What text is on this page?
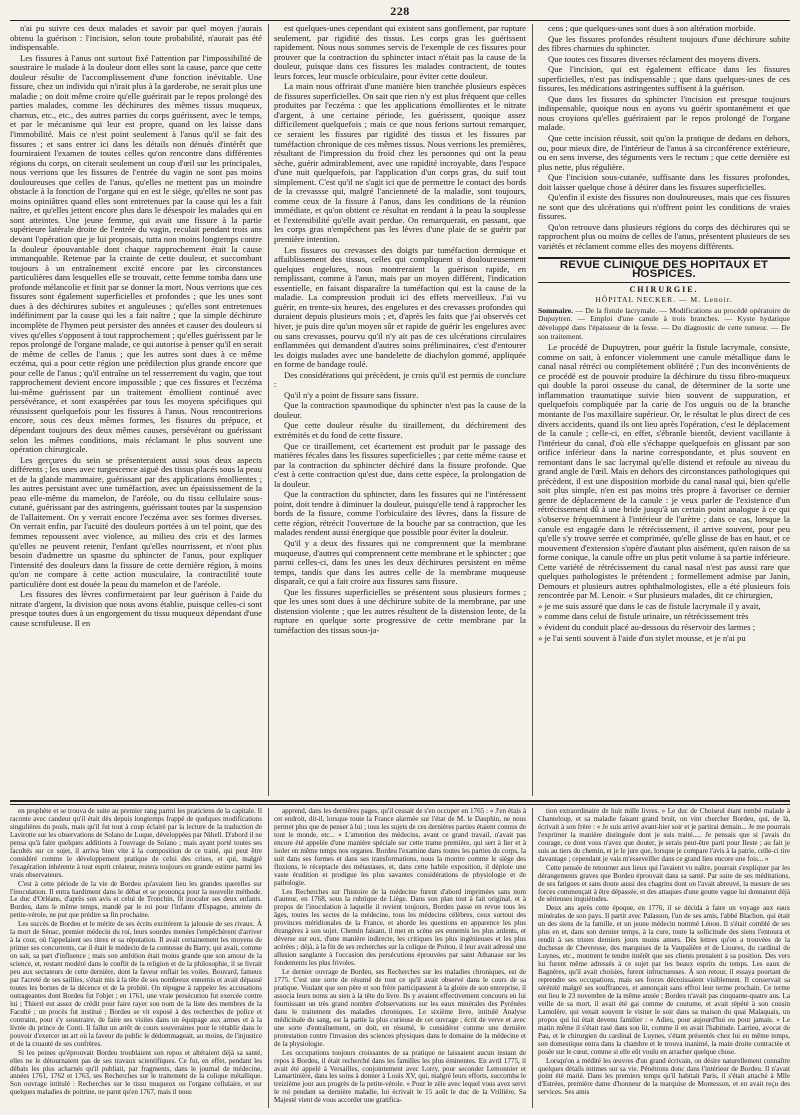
228

n'ai pu suivre ces deux malades et savoir par quel moyen j'aurais obtenu la guérison : l'incision, selon toute probabilité, n'aurait pas été indispensable.

Les fissures à l'anus ont surtout fixé l'attention par l'impossibilité de soustraire le malade à la douleur dont elles sont la cause, parce que cette douleur résulte de l'accomplissement d'une fonction inévitable. Une fissure, chez un individu qui n'irait plus à la garderobe, ne serait plus une maladie ; on doit même croire qu'elle guérirait par le repos prolongé des parties malades, comme les déchirures des mêmes tissus muqueux, charnus, etc., etc., des autres parties du corps guérissent, avec le temps, et par le mécanisme qui leur est propre, quand on les laisse dans l'immobilité. Mais ce n'est point seulement à l'anus qu'il se fait des fissures ; et sans entrer ici dans les détails non dénués d'intérêt que fourniraient l'examen de toutes celles qu'on rencontre dans différentes régions du corps, on citerait seulement un coup d'œil sur les principales, nous verrions que les fissures de l'entrée du vagin ne sont pas moins douloureuses que celles de l'anus, qu'elles ne mettent pas un moindre obstacle à la fonction de l'organe qui en est le siège, qu'elles ne sont pas moins opiniâtres quand elles sont entretenues par la cause qui les a fait naître, et qu'elles jettent encore plus dans le désespoir les malades qui en sont atteintes. Une jeune femme, qui avait une fissure à la partie supérieure latérale droite de l'entrée du vagin, reculait pendant trois ans devant l'opération que je lui proposais, tutta non moins longtemps contre la douleur épouvantable dont chaque rapprochement était la cause immanquable. Retenue par la crainte de cette douleur, et succombant toujours à un entraînement excité encore par les circonstances particulières dans lesquelles elle se trouvait, cette femme tomba dans une profonde mélancolie et finit par se donner la mort. Nous verrions que ces fissures sont également superficielles et profondes ; que les unes sont dues à des déchirures subites et anguleuses ; qu'elles sont entretenues indéfiniment par la cause qui les a fait naître ; que la simple déchirure incomplète de l'hymen peut persister des années et causer des douleurs si vives qu'elles s'opposent à tout rapprochement ; qu'elles guérissent par le repos prolongé de l'organe malade, ce qui autorise à penser qu'il en serait de même de celles de l'anus ; que les autres sont dues à ce même eczéma, qui a pour cette région une prédilection plus grande encore que pour celle de l'anus ; qu'il entraîne un tel resserrement du vagin, que tout rapprochement devient encore impossible ; que ces fissures et l'eczéma lui-même guérissent par un traitement émollient continué avec persévérance, et sont exaspérées par tous les moyens spécifiques qui réussissent quelquefois pour les fissures à l'anus. Nous rencontrerions encore, sous ces deux mêmes formes, les fissures du prépuce, et dépendant toujours des deux mêmes causes, persévérant ou guérissant selon les mêmes conditions, mais réclamant le plus souvent une opération chirurgicale.

Les gerçures du sein se présenteraient aussi sous deux aspects différents ; les unes avec turgescence aiguë des tissus placés sous la peau et de la glande mammaire, guérissant par des applications émollientes ; les autres persistant avec une tuméfaction, avec un épaississement de la peau elle-même du mamelon, de l'aréole, ou du tissu cellulaire sous-cutané, guérissant par des astringents, guérissant toutes par la suspension de l'allaitement. On y verrait encore l'eczéma avec ses formes diverses. On verrait enfin, par l'acuité des douleurs portées à un tel point, que des femmes repoussent avec violence, au milieu des cris et des larmes qu'elles ne peuvent retenir, l'enfant qu'elles nourrissent, et n'ont plus besoin d'admettre un spasme du sphincter de l'anus, pour expliquer l'intensité des douleurs dans la fissure de cette dernière région, à moins qu'on ne compare à cette action musculaire, la contractilité toute particulière dont est douée la peau du mamelon et de l'aréole.

Les fissures des lèvres confirmeraient par leur guérison à l'aide du nitrate d'argent, la division que nous avons établie, puisque celles-ci sont presque toutes dues à un engorgement du tissu muqueux dépendant d'une cause scrofuleuse. Il en

est quelques-unes cependant qui existent sans gonflement, par rupture seulement, par rigidité des tissus. Les corps gras les guérissent rapidement. Nous nous sommes servis de l'exemple de ces fissures pour prouver que la contraction du sphincter intact n'était pas la cause de la douleur, puisque dans ces fissures les malades contractent, de toutes leurs forces, leur muscle orbiculaire, pour éviter cette douleur.

La main nous offrirait d'une manière bien tranchée plusieurs espèces de fissures superficielles. On sait que rien n'y est plus fréquent que celles produites par l'eczéma : que les applications émollientes et le nitrate d'argent, à une certaine période, les guérissent, quoique assez difficilement quelquefois ; mais ce que nous ferions surtout remarquer, ce seraient les fissures par rigidité des tissus et les fissures par tuméfaction chronique de ces mêmes tissus. Nous verrions les premières, résultant de l'impression du froid chez les personnes qui ont la peau sèche, guérir admirablement, avec une rapidité incroyable, dans l'espace d'une nuit quelquefois, par l'application d'un corps gras, du suif tout simplement. C'est qu'il ne s'agit ici que de permettre le contact des bords de la crevassse qui, malgré l'ancienneté de la maladie, sont toujours, comme ceux de la fissure à l'anus, dans les conditions de la réunion immédiate, et qu'on obtient ce résultat en rendant à la peau la souplesse et l'extensibilité qu'elle avait perdue. On remarquerait, en passant, que les corps gras n'empêchent pas les lèvres d'une plaie de se guérir par première intention.

Les fissures ou crevasses des doigts par tuméfaction dermique et affaiblissement des tissus, celles qui compliquent si douloureusement quelques engelures, nous montreraient la guérison rapide, en remplissant, comme à l'anus, mais par un moyen différent, l'indication essentielle, en faisant disparaître la tuméfaction qui est la cause de la maladie. La compression produit ici des effets merveilleux. J'ai vu guérir, en trente-six heures, des engelures et des crevasses profondes qui duraient depuis plusieurs mois ; et, d'après les faits que j'ai observés cet hiver, je puis dire qu'un moyen sûr et rapide de guérir les engelures avec ou sans crevasses, pourvu qu'il n'y ait pas de ces ulcérations circulaires enflammées qui demandent d'autres soins préliminaires, c'est d'entourer les doigts malades avec une bandelette de diachylon gommé, appliquée en forme de bandage roulé.

Des considérations qui précèdent, je crois qu'il est permis de conclure :

Qu'il n'y a point de fissure sans fissure.

Que la contraction spasmodique du sphincter n'est pas la cause de la douleur.

Que cette douleur résulte du tiraillement, du déchirement des extrémités et du fond de cette fissure.

Que ce tiraillement, cet écartement est produit par le passage des matières fécales dans les fissures superficielles ; par cette même cause et par la contraction du sphincter déchiré dans la fissure profonde. Que c'est à cette contraction qu'est due, dans cette espèce, la prolongation de la douleur.

Que la contraction du sphincter, dans les fissures qui ne l'intéressent point, doit tendre à diminuer la douleur, puisqu'elle tend à rapprocher les bords de la fissure, comme l'orbiculaire des lèvres, dans la fissure de cette région, rétrécit l'ouverture de la bouche par sa contraction, que les malades rendent aussi énergique que possible pour éviter la douleur.

Qu'il y a deux des fissures qui ne comprennent que la membrane muqueuse, d'autres qui comprennent cette membrane et le sphincter ; que parmi celles-ci, dans les unes les deux déchirures persistent en même temps, tandis que dans les autres celle de la membrane muqueuse disparaît, ce qui a fait croire aux fissures sans fissure.

Que les fissures superficielles se présentent sous plusieurs formes ; que les unes sont dues à une déchirure subite de la membrane, par une distension violente ; que les autres résultent de la distension lente, de la rupture en quelque sorte progressive de cette membrane par la tuméfaction des tissus sous-ja-

cens ; que quelques-unes sont dues à son altération morbide.

Que les fissures profondes résultent toujours d'une déchirure subite des fibres charnues du sphincter.

Que toutes ces fissures diverses réclament des moyens divers.

Que l'incision, qui est également efficace dans les fissures superficielles, n'est pas indispensable ; que dans quelques-unes de ces fissures, les médications astringentes suffisent à la guérison.

Que dans les fissures du sphincter l'incision est presque toujours indispensable, quoique nous en ayons vu guérir spontanément et que nous croyions qu'elles guériraient par le repos prolongé de l'organe malade.

Que cette incision réussit, soit qu'on la pratique de dedans en dehors, ou, pour mieux dire, de l'intérieur de l'anus à sa circonférence extérieure, ou en sens inverse, des téguments vers le rectum ; que cette dernière est plus nette, plus régulière.

Que l'incision sous-cutanée, suffisante dans les fissures profondes, doit laisser quelque chose à désirer dans les fissures superficielles.

Qu'enfin il existe des fissures non douloureuses, mais que ces fissures ne sont que des ulcérations qui n'offrent point les conditions de vraies fissures.

Qu'on retrouve dans plusieurs régions du corps des déchirures qui se rapprochent plus ou moins de celles de l'anus, présentent plusieurs de ses variétés et réclament comme elles des moyens différents.

REVUE CLINIQUE DES HOPITAUX ET HOSPICES.
CHIRURGIE.
HÔPITAL NECKER. — M. Lenoir.

Sommaire. — De la fistule lacrymale. — Modifications au procédé opératoire de Dupuytren. — Emploi d'une canule à trois branches. — Kyste hydatique développé dans l'épaisseur de la fesse. — Du diagnostic de cette tumeur. — De son traitement.

Le procédé de Dupuytren, pour guérir la fistule lacrymale, consiste, comme on sait, à enfoncer violemment une canule métallique dans le canal nasal rétréci ou complètement oblitéré ; l'un des inconvénients de ce procédé est de pouvoir produire la déchirure du tissu fibro-muqueux qui double la paroi osseuse du canal, de déterminer de la sorte une inflammation traumatique suivie bien souvent de suppuration, et quelquefois compliquée par la carie de l'os unguis ou de la branche montante de l'os maxillaire supérieur. Or, le résultat le plus direct de ces divers accidents, quand ils ont lieu après l'opération, c'est le déplacement de la canule ; celle-ci, en effet, s'ébranle bientôt, devient vacillante à l'intérieur du canal, d'où elle s'échappe quelquefois en glissant par son orifice inférieur dans la narine correspondante, et plus souvent en remontant dans le sac lacrymal qu'elle distend et refoule au niveau du grand angle de l'œil. Mais en dehors des circonstances pathologiques qui précèdent, il est une disposition morbide du canal nasal qui, bien qu'elle soit plus simple, n'en est pas moins très propre à favoriser ce dernier genre de déplacement de la canule : je veux parler de l'existence d'un rétrécissement dû à une bride jusqu'à un certain point analogue à ce qui s'observe fréquemment à l'intérieur de l'urètre ; dans ce cas, lorsque la canule est engagée dans le rétrécissement, il arrive souvent, pour peu qu'elle s'y trouve serrée et comprimée, qu'elle glisse de bas en haut, et ce mouvement d'extension s'opère d'autant plus aisément, qu'en raison de sa forme conique, la canule offre un plus petit volume à sa partie inférieure. Cette variété de rétrécissement du canal nasal n'est pas aussi rare que quelques pathologistes le prétendent ; formellement admise par Janin, Demours et plusieurs autres ophthalmologistes, elle a été plusieurs fois rencontrée par M. Lenoir. « Sur plusieurs malades, dit ce chirurgien,

» je me suis assuré que dans le cas de fistule lacrymale il y avait,

» comme dans celui de fistule urinaire, un rétrécissement très

» évident du conduit placé au-dessous du réservoir des larmes ;

» je l'ai senti souvent à l'aide d'un stylet mousse, et je n'ai pu

en prophète et se trouva de suite au premier rang parmi les praticiens de la capitale. Il raconte avec candeur qu'il était dès depuis longtemps frappé de quelques modifications singulières du pouls, mais qu'il fut tout à coup éclairé par la lecture de la traduction de Lavirotte sur les observations de Solano de Luque, développées par Nihell. D'abord il ne pensa qu'à faire quelques additions à l'ouvrage de Solano ; mais ayant porté toutes ses facultés sur ce sujet, il arriva bien vite à la composition de ce traité, qui peut être considéré comme le développement pratique de celui des crises, et qui, malgré l'exagération inhérente à tout esprit créateur, restera toujours en grande estime parmi les vrais observateurs.

C'est à cette période de la vie de Bordeu qu'avaient lieu les grandes querelles sur l'inoculation. Il entra hardiment dans le débat et se prononça pour la nouvelle méthode. Le duc d'Orléans, d'après son avis et celui de Tronchin, fit inoculer ses deux enfants. Bordeu, dans le même temps, mandé par le roi pour l'infante d'Espagne, atteinte de petite-vérole, ne put que prédire sa fin prochaine.

Les succès de Bordeu et le mérite de ses écrits excitèrent la jalousie de ses rivaux. À la mort de Sénac, premier médecin du roi, leurs sourdes menées l'empêchèrent d'arriver à la cour, où l'appelaient ses titres et sa réputation. Il avait certainement les moyens de primer ses concurrents, car il était le médecin de la comtesse du Barry, qui avait, comme on sait, sa part d'influence ; mais son ambition était moins grande que son amour de la science, et, restant modéré dans le conflit de la religion et de la philosophie, il se livrait peu aux sectateurs de cette dernière, dont la faveur enflait les voiles. Bouvard, fameux par l'acreté de ses saillies, s'était mis à la tête de ses nombreux ennemis et avait dépassé toutes les bornes de la décence et de la probité. On répugne à rappeler les accusations outrageantes dont Bordeu fut l'objet ; en 1761, une vraie persécution fut exercée contre lui ; Thierri eut assez de crédit pour faire rayer son nom de la liste des membres de la Faculté ; un procès fut institué ; Bordeu se vit exposé à des recherches de police et contraint, pour s'y soustraire, de faire ses visites dans un équipage aux armes et à la livrée du prince de Conti. Il fallut un arrêt de cours souveraines pour le rétablir dans le pouvoir d'exercer un art où la faveur du public le dédommageait, au moins, de l'injustice et de la cruauté de ses confrères.

Si les peines qu'éprouvait Bordeu troublaient son repos et altéraient déjà sa santé, elles ne le détournaient pas de ses travaux scientifiques. Ce fut, en effet, pendant les débats les plus acharnés qu'il publiait, par fragments, dans le journal de médecine, années 1761, 1762 et 1763, ses Recherches sur le traitement de la colique métallique. Son ouvrage intitulé : Recherches sur le tissu muqueux ou l'organe cellulaire, et sur quelques maladies de poitrine, ne parut qu'en 1767, mais il nous

apprend, dans les dernières pages, qu'il cessait de s'en occuper en 1765 : « J'en étais à cet endroit, dit-il, lorsque toute la France alarmée sur l'état de M. le Dauphin, ne nous permet plus que de penser à lui ; tous les sujets de ces dernières parties étaient connus de tout le monde, etc... » L'attention des médecins, avant ce grand travail, n'avait pas encore été appelée d'une manière spéciale sur cette trame première, qui sert à lier et à isoler en même temps nos organes. Bordeu l'examine dans toutes les parties du corps, la suit dans ses formes et dans ses transformations, nous la montre comme le siège des fluxions, le réceptacle des métastases, et, dans cette habile exposition, il déploie une vaste érudition et prodigue les plus savantes considérations de physiologie et de pathologie.

Les Recherches sur l'histoire de la médecine furent d'abord imprimées sans nom d'auteur, en 1768, sous la rubrique de Liège. Dans son plan tout à fait original, et à propos de l'inoculation à laquelle il revient toujours, Bordeu passe en revue tous les âges, toutes les sectes de la médecine, tous les médecins célèbres, ceux surtout des provinces méridionales de la France, et aborde les questions en apparence les plus étrangères à son sujet. Chemin faisant, il met en scène ses ennemis les plus ardents, et déverse sur eux, d'une manière indirecte, les critiques les plus ingénieuses et les plus acérées ; déjà, à la fin de ses recherches sur la colique de Poitou, il leur avait adressé une allusion sanglante à l'occasion des persécutions éprouvées par saint Athanase sur les fondements les plus frivoles.

Le dernier ouvrage de Bordeu, ses Recherches sur les maladies chroniques, est de 1775. C'est une sorte de résumé de tout ce qu'il avait observé dans le cours de sa pratique. Voulant que son père et son frère participassent à la gloire de son entreprise, il associa leurs noms au sien à la tête du livre. Ils y avaient effectivement concouru en lui fournissant un très grand nombre d'observations sur les eaux minérales des Pyrénées dans le traitement des maladies chroniques. Le sixième livre, intitulé Analyse médicinale du sang, est la partie la plus curieuse de cet ouvrage ; écrit de verve et avec une sorte d'entraînement, on doit, en résumé, le considérer comme une dernière protestation contre l'invasion des sciences physiques dans le domaine de la médecine et de la physiologie.

Les occupations toujours croissantes de sa pratique ne laissaient aucun instant de repos à Bordeu, il était recherché dans les familles les plus éminentes. En avril 1775, il avait été appelé à Versailles, conjointement avec Lorry, pour seconder Lemonnier et Lamartinière, dans les soins à donner à Louis XV, qui, malgré leurs efforts, succomba le treizième jour aux progrès de la petite-vérole. « Pour le zèle avec lequel vous avez servi le roi pendant sa dernière maladie, lui écrivait le 15 août le duc de la Vrillière, Sa Majesté vient de vous accorder une gratifica-

tion extraordinaire de huit mille livres. » Le duc de Choiseul étant tombé malade à Chanteloup, et sa maladie faisant grand bruit, on vint chercher Bordeu, qui, de là, écrivait à son frère : « Je suis arrivé avant-hier soir et je partirai demain... Je me pourrais l'exprimer la manière distinguée dont je suis traité..... Je pensais que si j'avais du courage, ce dont vous n'avez que douter, je serais peut-être parti pour Ileste ; au fait je suis au tiers du chemin, et je le jure que, lorsque je compare l'avis à la patrie, celle-ci tire davantage ; cependant je vais m'esseveiller dans ce grand lieu encore une fois... »

Cette pensée de retourner aux lieux qui l'avaient vu naître, pourrait s'expliquer par les dérangements graves que Bordeu éprouvait dans sa santé. Par suite de ses méditations, de ses fatigues et sans doute aussi des chagrins dont on l'avait abreuvé, la mesure de ses forces commençait à être dépassée, et des attaques d'une goutte vague lui donnaient déjà de sérieuses inquiétudes.

Deux ans après cette époque, en 1776, il se décida à faire un voyage aux eaux minérales de son pays. Il partit avec Palasson, l'un de ses amis, l'abbé Blachon, qui était un des siens de la famille, et un jeune médecin nommé Lénon. Il s'était comblé de ses plus en et, dans son dernier temps, à la cure, toute la sollicitude des siens l'entoura et rendit à ses tristes derniers jours moins amers. Dès lettres qu'on a trouvées de la duchesse de Chevreuse, des marquises de la Vaupalière et de Lioures, du cardinal de Luynes, etc., montrent le tendre intérêt que ses clients prenaient à sa position. Des vers lui furent même adressés à ce sujet par les beaux esprits du temps. Les eaux de Bagnères, qu'il avait choisies, furent infructueuses. À son retour, il essaya pourtant de reprendre ses occupations, mais ses forces décroissaient visiblement. Il conservait sa sérénité malgré ses souffrances, et annonçait sans effroi leur terme prochain. Ce terme eut lieu le 23 novembre de la même année ; Bordeu n'avait pas cinquante-quatre ans. La veille de sa mort, il avait été gai comme de coutume, et avait répété à son cousin Lamolère, qui venait souvent le visiter le soir dans sa maison du quai Malaquais, un propos qui lui était devenu familier : « Adieu, pour aujourd'hui ou pour jamais. » Le matin même il s'était rasé dans son lit, comme il en avait l'habitude. Larrieu, avocat de Pau, et le chirurgien du cardinal de Luynes, s'étant présentés chez lui en même temps, son domestique entra dans la chambre et le trouva inanimé, la main droite contractée et posée sur le cœur, comme si elle eût voulu en arracher quelque chose.

Lorsqu'on a médité les œuvres d'un grand écrivain, on désire naturellement connaître quelques détails intimes sur sa vie. Pénétrons donc dans l'intérieur de Bordeu. Il n'avait point été marié. Dans les premiers temps qu'il habitait Paris, il s'était attaché à Mlle d'Estrées, première dame d'honneur de la marquise de Montesson, et en avait reçu des services. Ses amis
